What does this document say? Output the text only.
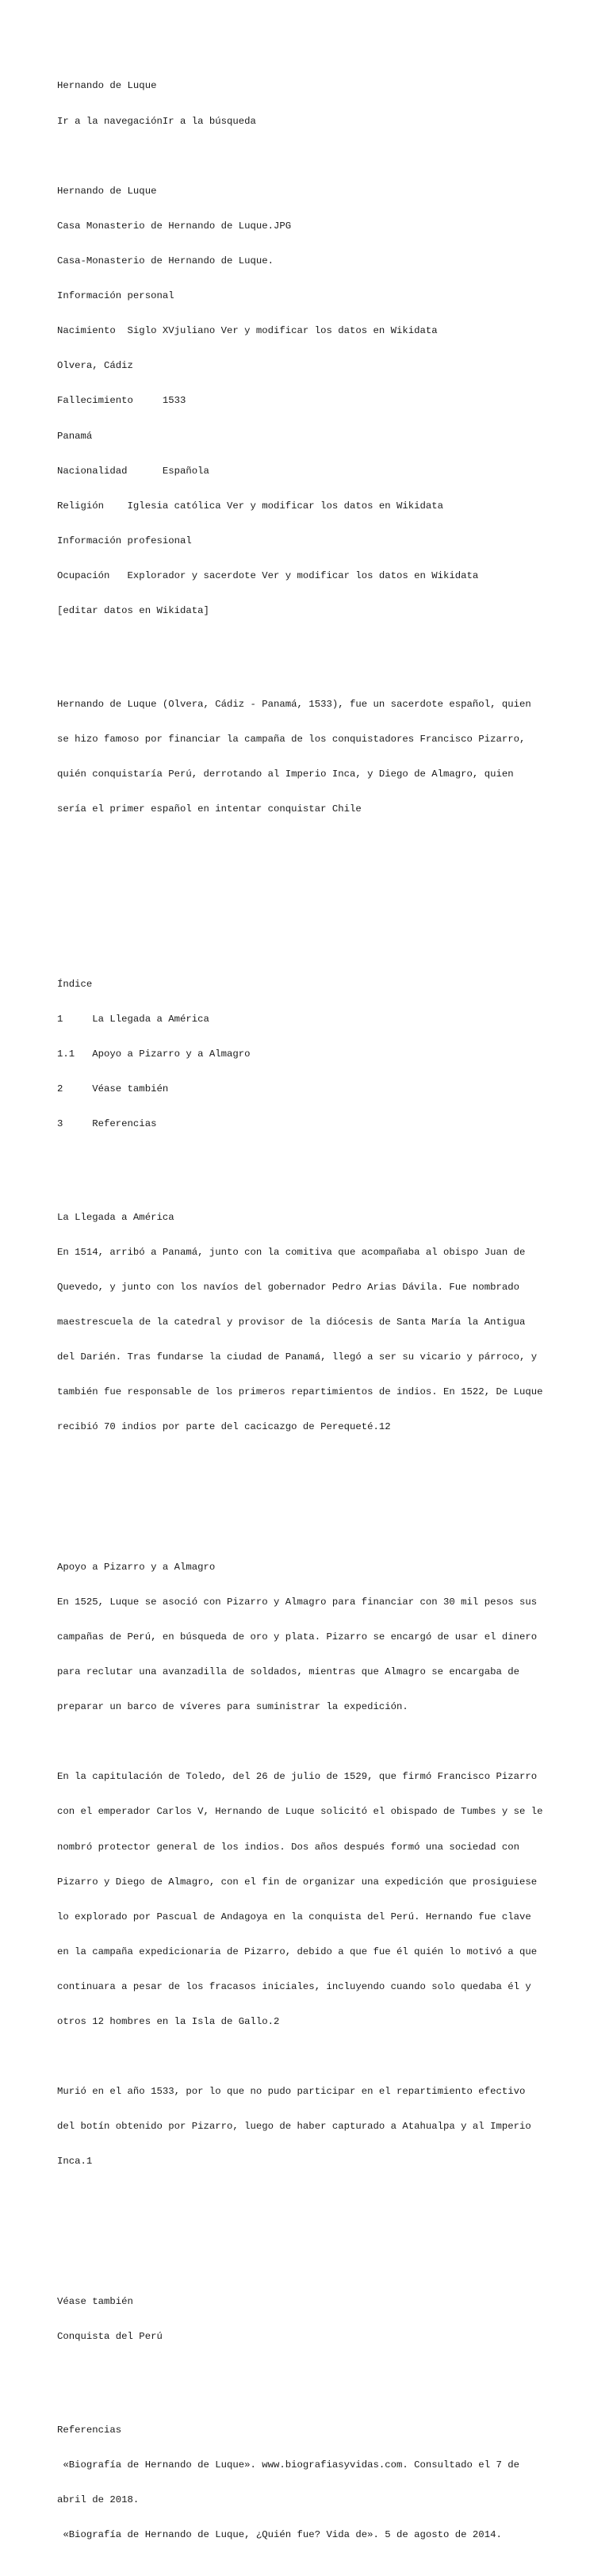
Hernando de Luque

Ir a la navegaciónIr a la búsqueda

Hernando de Luque

Casa Monasterio de Hernando de Luque.JPG

Casa-Monasterio de Hernando de Luque.

Información personal

Nacimiento  Siglo XVjuliano Ver y modificar los datos en Wikidata

Olvera, Cádiz

Fallecimiento     1533

Panamá

Nacionalidad      Española

Religión    Iglesia católica Ver y modificar los datos en Wikidata

Información profesional

Ocupación   Explorador y sacerdote Ver y modificar los datos en Wikidata

[editar datos en Wikidata]

Hernando de Luque (Olvera, Cádiz - Panamá, 1533), fue un sacerdote español, quien

se hizo famoso por financiar la campaña de los conquistadores Francisco Pizarro,

quién conquistaría Perú, derrotando al Imperio Inca, y Diego de Almagro, quien

sería el primer español en intentar conquistar Chile

Índice

1     La Llegada a América

1.1   Apoyo a Pizarro y a Almagro

2     Véase también

3     Referencias

La Llegada a América

En 1514, arribó a Panamá, junto con la comitiva que acompañaba al obispo Juan de

Quevedo, y junto con los navíos del gobernador Pedro Arias Dávila. Fue nombrado

maestrescuela de la catedral y provisor de la diócesis de Santa María la Antigua

del Darién. Tras fundarse la ciudad de Panamá, llegó a ser su vicario y párroco, y

también fue responsable de los primeros repartimientos de indios. En 1522, De Luque

recibió 70 indios por parte del cacicazgo de Perequeté.12

Apoyo a Pizarro y a Almagro

En 1525, Luque se asoció con Pizarro y Almagro para financiar con 30 mil pesos sus

campañas de Perú, en búsqueda de oro y plata. Pizarro se encargó de usar el dinero

para reclutar una avanzadilla de soldados, mientras que Almagro se encargaba de

preparar un barco de víveres para suministrar la expedición.

En la capitulación de Toledo, del 26 de julio de 1529, que firmó Francisco Pizarro

con el emperador Carlos V, Hernando de Luque solicitó el obispado de Tumbes y se le

nombró protector general de los indios. Dos años después formó una sociedad con

Pizarro y Diego de Almagro, con el fin de organizar una expedición que prosiguiese

lo explorado por Pascual de Andagoya en la conquista del Perú. Hernando fue clave

en la campaña expedicionaria de Pizarro, debido a que fue él quién lo motivó a que

continuara a pesar de los fracasos iniciales, incluyendo cuando solo quedaba él y

otros 12 hombres en la Isla de Gallo.2

Murió en el año 1533, por lo que no pudo participar en el repartimiento efectivo

del botín obtenido por Pizarro, luego de haber capturado a Atahualpa y al Imperio

Inca.1

Véase también

Conquista del Perú

Referencias

«Biografía de Hernando de Luque». www.biografiasyvidas.com. Consultado el 7 de

abril de 2018.

«Biografía de Hernando de Luque, ¿Quién fue? Vida de». 5 de agosto de 2014.
